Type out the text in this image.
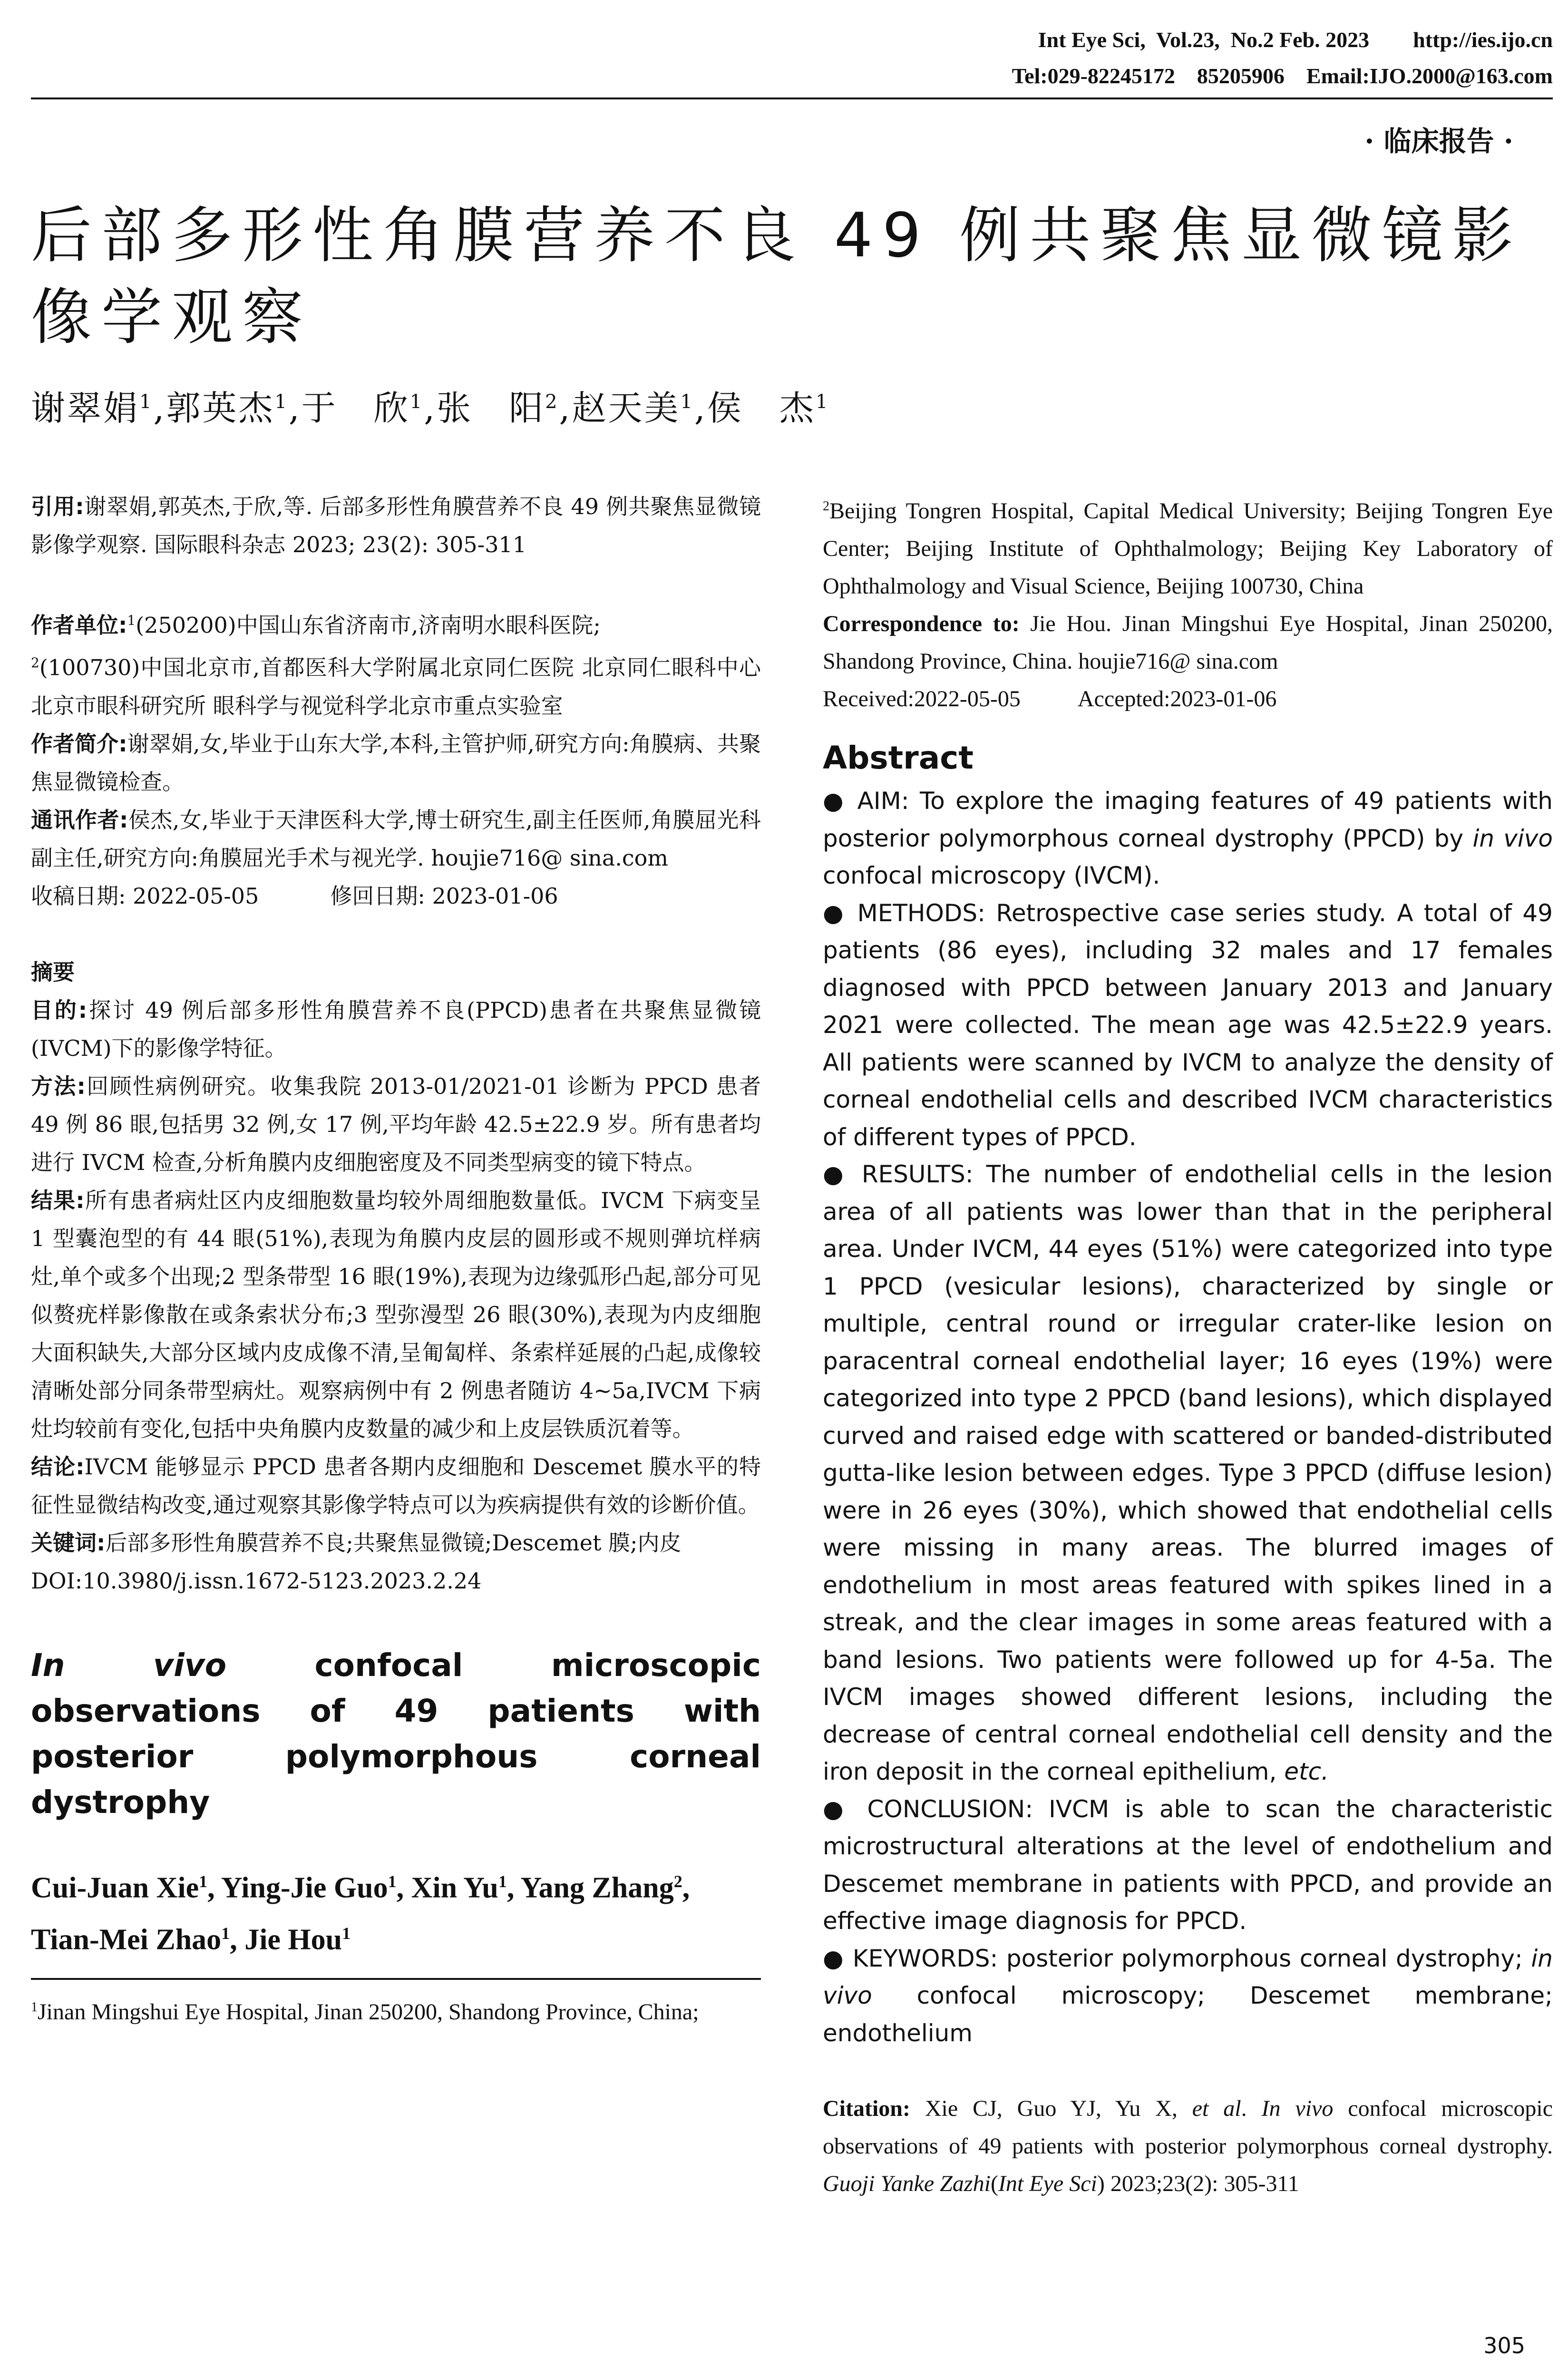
Int Eye Sci,  Vol.23,  No.2 Feb. 2023 http://ies.ijo.cn
Tel:029-82245172    85205906 Email:IJO.2000@163.com
· 临床报告 ·
后部多形性角膜营养不良 49 例共聚焦显微镜影像学观察
谢翠娟$^1$,郭英杰$^1$,于　欣$^1$,张　阳$^2$,赵天美$^1$,侯　杰$^1$

引用:谢翠娟,郭英杰,于欣,等. 后部多形性角膜营养不良 49 例共聚焦显微镜影像学观察. 国际眼科杂志 2023; 23(2): 305-311

作者单位:$^1$(250200)中国山东省济南市,济南明水眼科医院;
$^2$(100730)中国北京市,首都医科大学附属北京同仁医院 北京同仁眼科中心 北京市眼科研究所 眼科学与视觉科学北京市重点实验室

作者简介:谢翠娟,女,毕业于山东大学,本科,主管护师,研究方向:角膜病、共聚焦显微镜检查。

通讯作者:侯杰,女,毕业于天津医科大学,博士研究生,副主任医师,角膜屈光科副主任,研究方向:角膜屈光手术与视光学. houjie716@ sina.com

收稿日期: 2022-05-05	修回日期: 2023-01-06

摘要

目的:探讨 49 例后部多形性角膜营养不良(PPCD)患者在共聚焦显微镜(IVCM)下的影像学特征。

方法:回顾性病例研究。收集我院 2013-01/2021-01 诊断为 PPCD 患者 49 例 86 眼,包括男 32 例,女 17 例,平均年龄 42.5±22.9 岁。所有患者均进行 IVCM 检查,分析角膜内皮细胞密度及不同类型病变的镜下特点。

结果:所有患者病灶区内皮细胞数量均较外周细胞数量低。IVCM 下病变呈 1 型囊泡型的有 44 眼(51%),表现为角膜内皮层的圆形或不规则弹坑样病灶,单个或多个出现;2 型条带型 16 眼(19%),表现为边缘弧形凸起,部分可见似赘疣样影像散在或条索状分布;3 型弥漫型 26 眼(30%),表现为内皮细胞大面积缺失,大部分区域内皮成像不清,呈匍匐样、条索样延展的凸起,成像较清晰处部分同条带型病灶。观察病例中有 2 例患者随访 4~5a,IVCM 下病灶均较前有变化,包括中央角膜内皮数量的减少和上皮层铁质沉着等。

结论:IVCM 能够显示 PPCD 患者各期内皮细胞和 Descemet 膜水平的特征性显微结构改变,通过观察其影像学特点可以为疾病提供有效的诊断价值。

关键词:后部多形性角膜营养不良;共聚焦显微镜;Descemet 膜;内皮

DOI:10.3980/j.issn.1672-5123.2023.2.24

In vivo confocal microscopic observations of 49 patients with posterior polymorphous corneal dystrophy
Cui-Juan Xie$^1$, Ying-Jie Guo$^1$, Xin Yu$^1$, Yang Zhang$^2$, Tian-Mei Zhao$^1$, Jie Hou$^1$

$^1$Jinan Mingshui Eye Hospital, Jinan 250200, Shandong Province, China;

$^2$Beijing Tongren Hospital, Capital Medical University; Beijing Tongren Eye Center; Beijing Institute of Ophthalmology; Beijing Key Laboratory of Ophthalmology and Visual Science, Beijing 100730, China

Correspondence to: Jie Hou. Jinan Mingshui Eye Hospital, Jinan 250200, Shandong Province, China. houjie716@ sina.com

Received:2022-05-05	Accepted:2023-01-06

Abstract

● AIM: To explore the imaging features of 49 patients with posterior polymorphous corneal dystrophy (PPCD) by in vivo confocal microscopy (IVCM).

● METHODS: Retrospective case series study. A total of 49 patients (86 eyes), including 32 males and 17 females diagnosed with PPCD between January 2013 and January 2021 were collected. The mean age was 42.5±22.9 years. All patients were scanned by IVCM to analyze the density of corneal endothelial cells and described IVCM characteristics of different types of PPCD.

● RESULTS: The number of endothelial cells in the lesion area of all patients was lower than that in the peripheral area. Under IVCM, 44 eyes (51%) were categorized into type 1 PPCD (vesicular lesions), characterized by single or multiple, central round or irregular crater-like lesion on paracentral corneal endothelial layer; 16 eyes (19%) were categorized into type 2 PPCD (band lesions), which displayed curved and raised edge with scattered or banded-distributed gutta-like lesion between edges. Type 3 PPCD (diffuse lesion) were in 26 eyes (30%), which showed that endothelial cells were missing in many areas. The blurred images of endothelium in most areas featured with spikes lined in a streak, and the clear images in some areas featured with a band lesions. Two patients were followed up for 4-5a. The IVCM images showed different lesions, including the decrease of central corneal endothelial cell density and the iron deposit in the corneal epithelium, etc.

● CONCLUSION: IVCM is able to scan the characteristic microstructural alterations at the level of endothelium and Descemet membrane in patients with PPCD, and provide an effective image diagnosis for PPCD.

● KEYWORDS: posterior polymorphous corneal dystrophy; in vivo confocal microscopy; Descemet membrane; endothelium

Citation: Xie CJ, Guo YJ, Yu X, et al. In vivo confocal microscopic observations of 49 patients with posterior polymorphous corneal dystrophy. Guoji Yanke Zazhi(Int Eye Sci) 2023;23(2): 305-311

305
